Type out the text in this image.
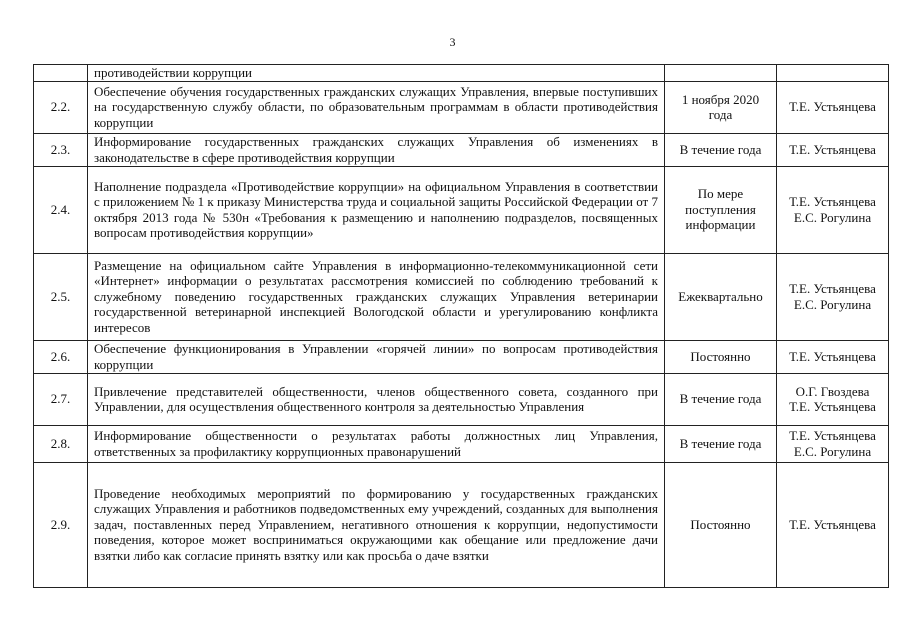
3
	противодействии коррупции		
2.2.	Обеспечение обучения государственных гражданских служащих Управления, впервые поступивших на государственную службу области, по образовательным программам в области противодействия коррупции	1 ноября 2020 года	Т.Е. Устьянцева

2.3.	Информирование государственных гражданских служащих Управления об изменениях в законодательстве в сфере противодействия коррупции	В течение года	Т.Е. Устьянцева

2.4.	Наполнение подраздела «Противодействие коррупции» на официальном Управления в соответствии с приложением № 1 к приказу Министерства труда и социальной защиты Российской Федерации от 7 октября 2013 года № 530н «Требования к размещению и наполнению подразделов, посвященных вопросам противодействия коррупции»	По мере поступления информации	Т.Е. Устьянцева
Е.С. Рогулина

2.5.	Размещение на официальном сайте Управления в информационно-телекоммуникационной сети «Интернет» информации о результатах рассмотрения комиссией по соблюдению требований к служебному поведению государственных гражданских служащих Управления ветеринарии государственной ветеринарной инспекцией Вологодской области и урегулированию конфликта интересов	Ежеквартально	Т.Е. Устьянцева
Е.С. Рогулина

2.6.	Обеспечение функционирования в Управлении «горячей линии» по вопросам противодействия коррупции	Постоянно	Т.Е. Устьянцева

2.7.	Привлечение представителей общественности, членов общественного совета, созданного при Управлении, для осуществления общественного контроля за деятельностью Управления	В течение года	О.Г. Гвоздева
Т.Е. Устьянцева

2.8.	Информирование общественности о результатах работы должностных лиц Управления, ответственных за профилактику коррупционных правонарушений	В течение года	Т.Е. Устьянцева
Е.С. Рогулина

2.9.	Проведение необходимых мероприятий по формированию у государственных гражданских служащих Управления и работников подведомственных ему учреждений, созданных для выполнения задач, поставленных перед Управлением, негативного отношения к коррупции, недопустимости поведения, которое может восприниматься окружающими как обещание или предложение дачи взятки либо как согласие принять взятку или как просьба о даче взятки	Постоянно	Т.Е. Устьянцева
